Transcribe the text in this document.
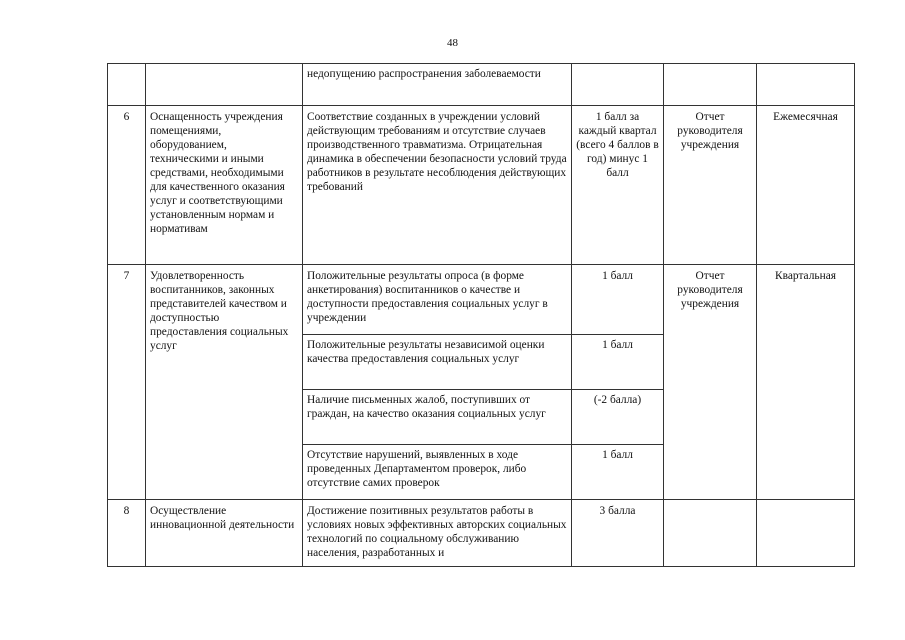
48
		недопущению распространения заболеваемости			
6	Оснащенность учреждения помещениями, оборудованием, техническими и иными средствами, необходимыми для качественного оказания услуг и соответствующими установленным нормам и нормативам	Соответствие созданных в учреждении условий действующим требованиям и отсутствие случаев производственного травматизма. Отрицательная динамика в обеспечении безопасности условий труда работников в результате несоблюдения действующих требований	1 балл за каждый квартал (всего 4 баллов в год) минус 1 балл	Отчет руководителя учреждения	Ежемесячная
7	Удовлетворенность воспитанников, законных представителей качеством и доступностью предоставления социальных услуг	Положительные результаты опроса (в форме анкетирования) воспитанников о качестве и доступности предоставления социальных услуг в учреждении	1 балл	Отчет руководителя учреждения	Квартальная
		Положительные результаты независимой оценки качества предоставления социальных услуг	1 балл		
		Наличие письменных жалоб, поступивших от граждан, на качество оказания социальных услуг	(-2 балла)		
		Отсутствие нарушений, выявленных в ходе проведенных Департаментом проверок, либо отсутствие самих проверок	1 балл		
8	Осуществление инновационной деятельности	Достижение позитивных результатов работы в условиях новых эффективных авторских социальных технологий по социальному обслуживанию населения, разработанных и	3 балла		
